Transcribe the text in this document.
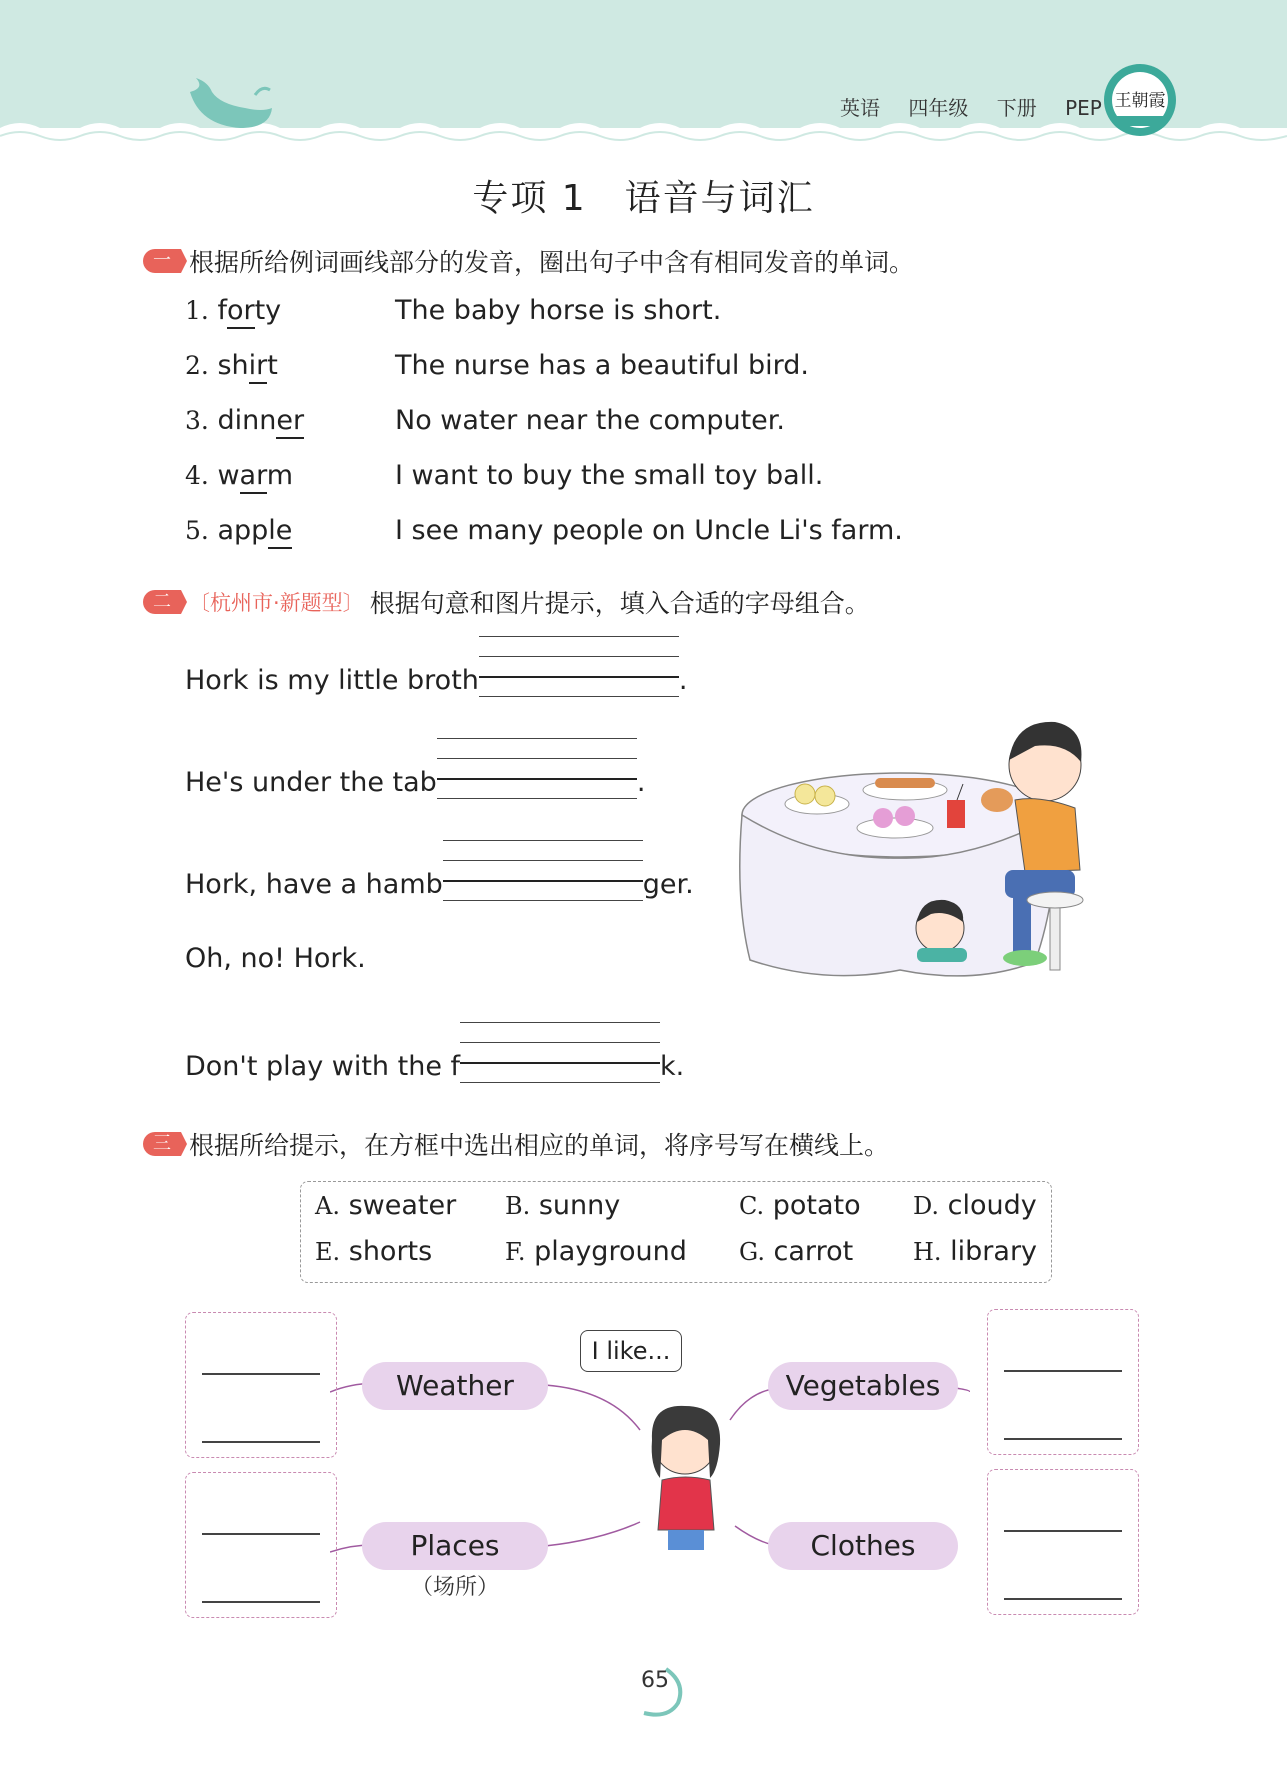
英语 四年级 下册 PEP 王朝霞
专项 1　语音与词汇
一 根据所给例词画线部分的发音，圈出句子中含有相同发音的单词。
1. forty	The baby horse is short.
2. shirt	The nurse has a beautiful bird.
3. dinner	No water near the computer.
4. warm	I want to buy the small toy ball.
5. apple	I see many people on Uncle Li's farm.
二 〔杭州市·新题型〕 根据句意和图片提示，填入合适的字母组合。
Hork is my little broth	.
He's under the tab	.
Hork, have a hamb	ger.
Oh, no! Hork.
Don't play with the f	k.
三 根据所给提示，在方框中选出相应的单词，将序号写在横线上。
A. sweater B. sunny	C. potato D. cloudy
E. shorts	F. playground G. carrot H. library
I like...
Weather	Vegetables
Places
（场所）
Clothes
65
